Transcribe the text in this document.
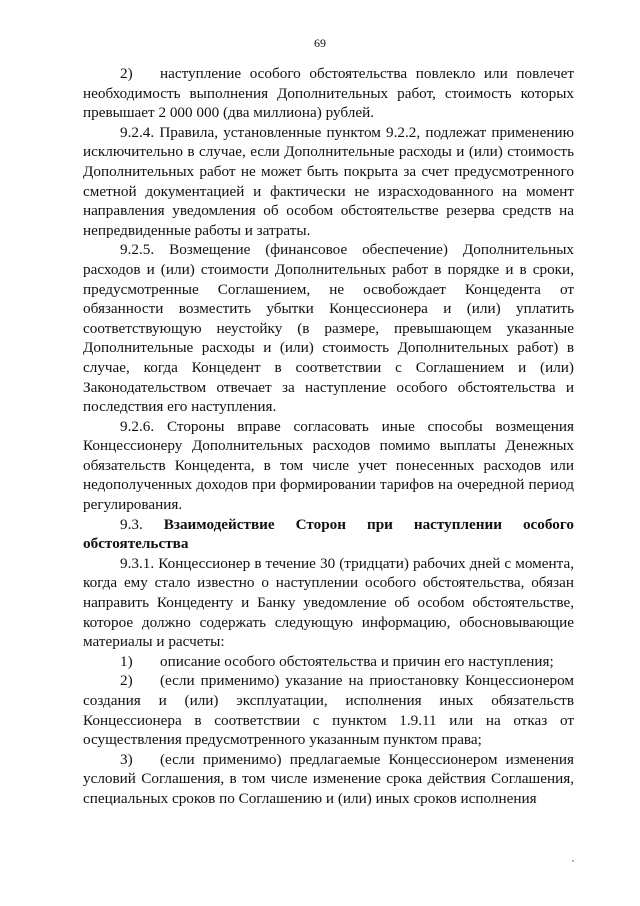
69

2) наступление особого обстоятельства повлекло или повлечет необходимость выполнения Дополнительных работ, стоимость которых превышает 2 000 000 (два миллиона) рублей.

9.2.4. Правила, установленные пунктом 9.2.2, подлежат применению исключительно в случае, если Дополнительные расходы и (или) стоимость Дополнительных работ не может быть покрыта за счет предусмотренного сметной документацией и фактически не израсходованного на момент направления уведомления об особом обстоятельстве резерва средств на непредвиденные работы и затраты.

9.2.5. Возмещение (финансовое обеспечение) Дополнительных расходов и (или) стоимости Дополнительных работ в порядке и в сроки, предусмотренные Соглашением, не освобождает Концедента от обязанности возместить убытки Концессионера и (или) уплатить соответствующую неустойку (в размере, превышающем указанные Дополнительные расходы и (или) стоимость Дополнительных работ) в случае, когда Концедент в соответствии с Соглашением и (или) Законодательством отвечает за наступление особого обстоятельства и последствия его наступления.

9.2.6. Стороны вправе согласовать иные способы возмещения Концессионеру Дополнительных расходов помимо выплаты Денежных обязательств Концедента, в том числе учет понесенных расходов или недополученных доходов при формировании тарифов на очередной период регулирования.

9.3. Взаимодействие Сторон при наступлении особого обстоятельства

9.3.1. Концессионер в течение 30 (тридцати) рабочих дней с момента, когда ему стало известно о наступлении особого обстоятельства, обязан направить Концеденту и Банку уведомление об особом обстоятельстве, которое должно содержать следующую информацию, обосновывающие материалы и расчеты:

1) описание особого обстоятельства и причин его наступления;

2) (если применимо) указание на приостановку Концессионером создания и (или) эксплуатации, исполнения иных обязательств Концессионера в соответствии с пунктом 1.9.11 или на отказ от осуществления предусмотренного указанным пунктом права;

3) (если применимо) предлагаемые Концессионером изменения условий Соглашения, в том числе изменение срока действия Соглашения, специальных сроков по Соглашению и (или) иных сроков исполнения
